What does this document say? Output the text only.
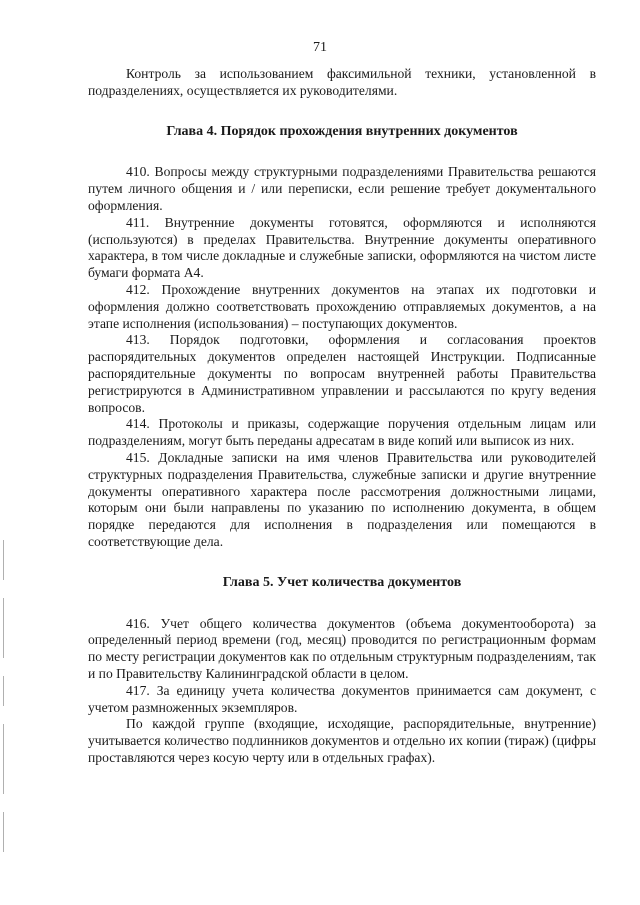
71

Контроль за использованием факсимильной техники, установленной в подразделениях, осуществляется их руководителями.

Глава 4. Порядок прохождения внутренних документов

410. Вопросы между структурными подразделениями Правительства решаются путем личного общения и / или переписки, если решение требует документального оформления.

411. Внутренние документы готовятся, оформляются и исполняются (используются) в пределах Правительства. Внутренние документы оперативного характера, в том числе докладные и служебные записки, оформляются на чистом листе бумаги формата А4.

412. Прохождение внутренних документов на этапах их подготовки и оформления должно соответствовать прохождению отправляемых документов, а на этапе исполнения (использования) – поступающих документов.

413. Порядок подготовки, оформления и согласования проектов распорядительных документов определен настоящей Инструкции. Подписанные распорядительные документы по вопросам внутренней работы Правительства регистрируются в Административном управлении и рассылаются по кругу ведения вопросов.

414. Протоколы и приказы, содержащие поручения отдельным лицам или подразделениям, могут быть переданы адресатам в виде копий или выписок из них.

415. Докладные записки на имя членов Правительства или руководителей структурных подразделения Правительства, служебные записки и другие внутренние документы оперативного характера после рассмотрения должностными лицами, которым они были направлены по указанию по исполнению документа, в общем порядке передаются для исполнения в подразделения или помещаются в соответствующие дела.

Глава 5. Учет количества документов

416. Учет общего количества документов (объема документооборота) за определенный период времени (год, месяц) проводится по регистрационным формам по месту регистрации документов как по отдельным структурным подразделениям, так и по Правительству Калининградской области в целом.

417. За единицу учета количества документов принимается сам документ, с учетом размноженных экземпляров.

По каждой группе (входящие, исходящие, распорядительные, внутренние) учитывается количество подлинников документов и отдельно их копии (тираж) (цифры проставляются через косую черту или в отдельных графах).
